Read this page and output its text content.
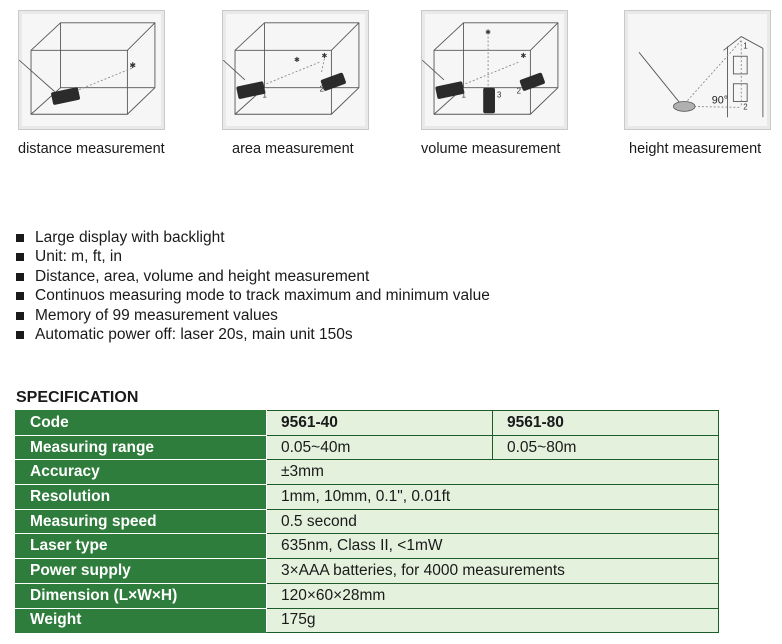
✱
distance measurement
✱
✱
1
2
area measurement
✱
✱
1	2
3
volume measurement
90°
1
2
height measurement
Large display with backlight
Unit: m, ft, in
Distance, area, volume and height measurement
Continuos measuring mode to track maximum and minimum value
Memory of 99 measurement values
Automatic power off: laser 20s, main unit 150s
SPECIFICATION
Code	9561-40	9561-80
Measuring range	0.05~40m	0.05~80m
Accuracy	±3mm	
Resolution	1mm, 10mm, 0.1", 0.01ft	
Measuring speed	0.5 second	
Laser type	635nm, Class II, <1mW	
Power supply	3×AAA batteries, for 4000 measurements	
Dimension (L×W×H)	120×60×28mm	
Weight	175g	
